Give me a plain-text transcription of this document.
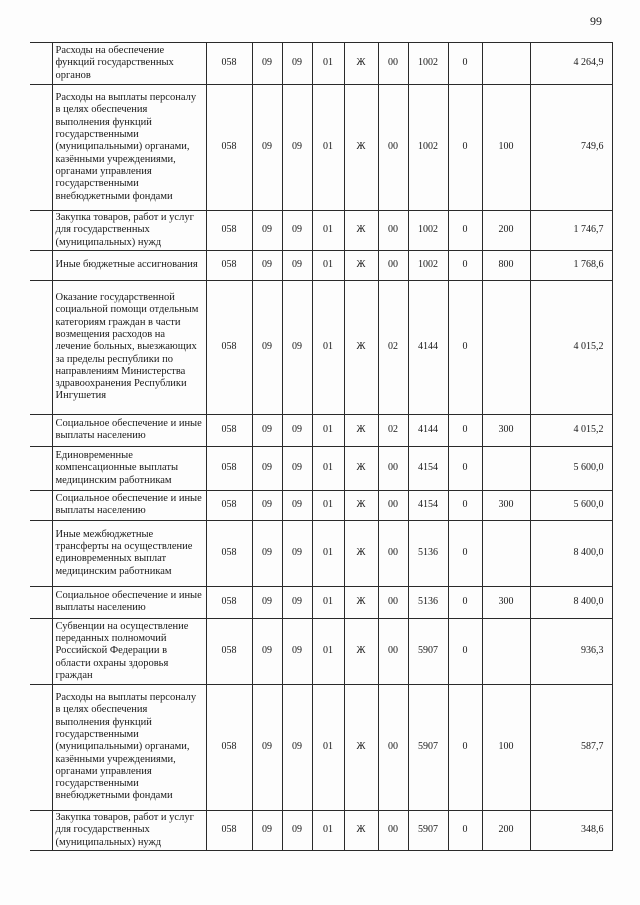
99
	Расходы на обеспечение функций государственных органов	058	09	09	01	Ж	00	1002	0		4 264,9
	Расходы на выплаты персоналу в целях обеспечения выполнения функций государственными (муниципальными) органами, казёнными учреждениями, органами управления государственными внебюджетными фондами	058	09	09	01	Ж	00	1002	0	100	749,6
	Закупка товаров, работ и услуг для государственных (муниципальных) нужд	058	09	09	01	Ж	00	1002	0	200	1 746,7
	Иные бюджетные ассигнования	058	09	09	01	Ж	00	1002	0	800	1 768,6
	Оказание государственной социальной помощи отдельным категориям граждан в части возмещения расходов на лечение больных, выезжающих за пределы республики по направлениям Министерства здравоохранения Республики Ингушетия	058	09	09	01	Ж	02	4144	0		4 015,2
	Социальное обеспечение и иные выплаты населению	058	09	09	01	Ж	02	4144	0	300	4 015,2
	Единовременные компенсационные выплаты медицинским работникам	058	09	09	01	Ж	00	4154	0		5 600,0
	Социальное обеспечение и иные выплаты населению	058	09	09	01	Ж	00	4154	0	300	5 600,0
	Иные межбюджетные трансферты на осуществление единовременных выплат медицинским работникам	058	09	09	01	Ж	00	5136	0		8 400,0
	Социальное обеспечение и иные выплаты населению	058	09	09	01	Ж	00	5136	0	300	8 400,0
	Субвенции на осуществление переданных полномочий Российской Федерации в области охраны здоровья граждан	058	09	09	01	Ж	00	5907	0		936,3
	Расходы на выплаты персоналу в целях обеспечения выполнения функций государственными (муниципальными) органами, казёнными учреждениями, органами управления государственными внебюджетными фондами	058	09	09	01	Ж	00	5907	0	100	587,7
	Закупка товаров, работ и услуг для государственных (муниципальных) нужд	058	09	09	01	Ж	00	5907	0	200	348,6
